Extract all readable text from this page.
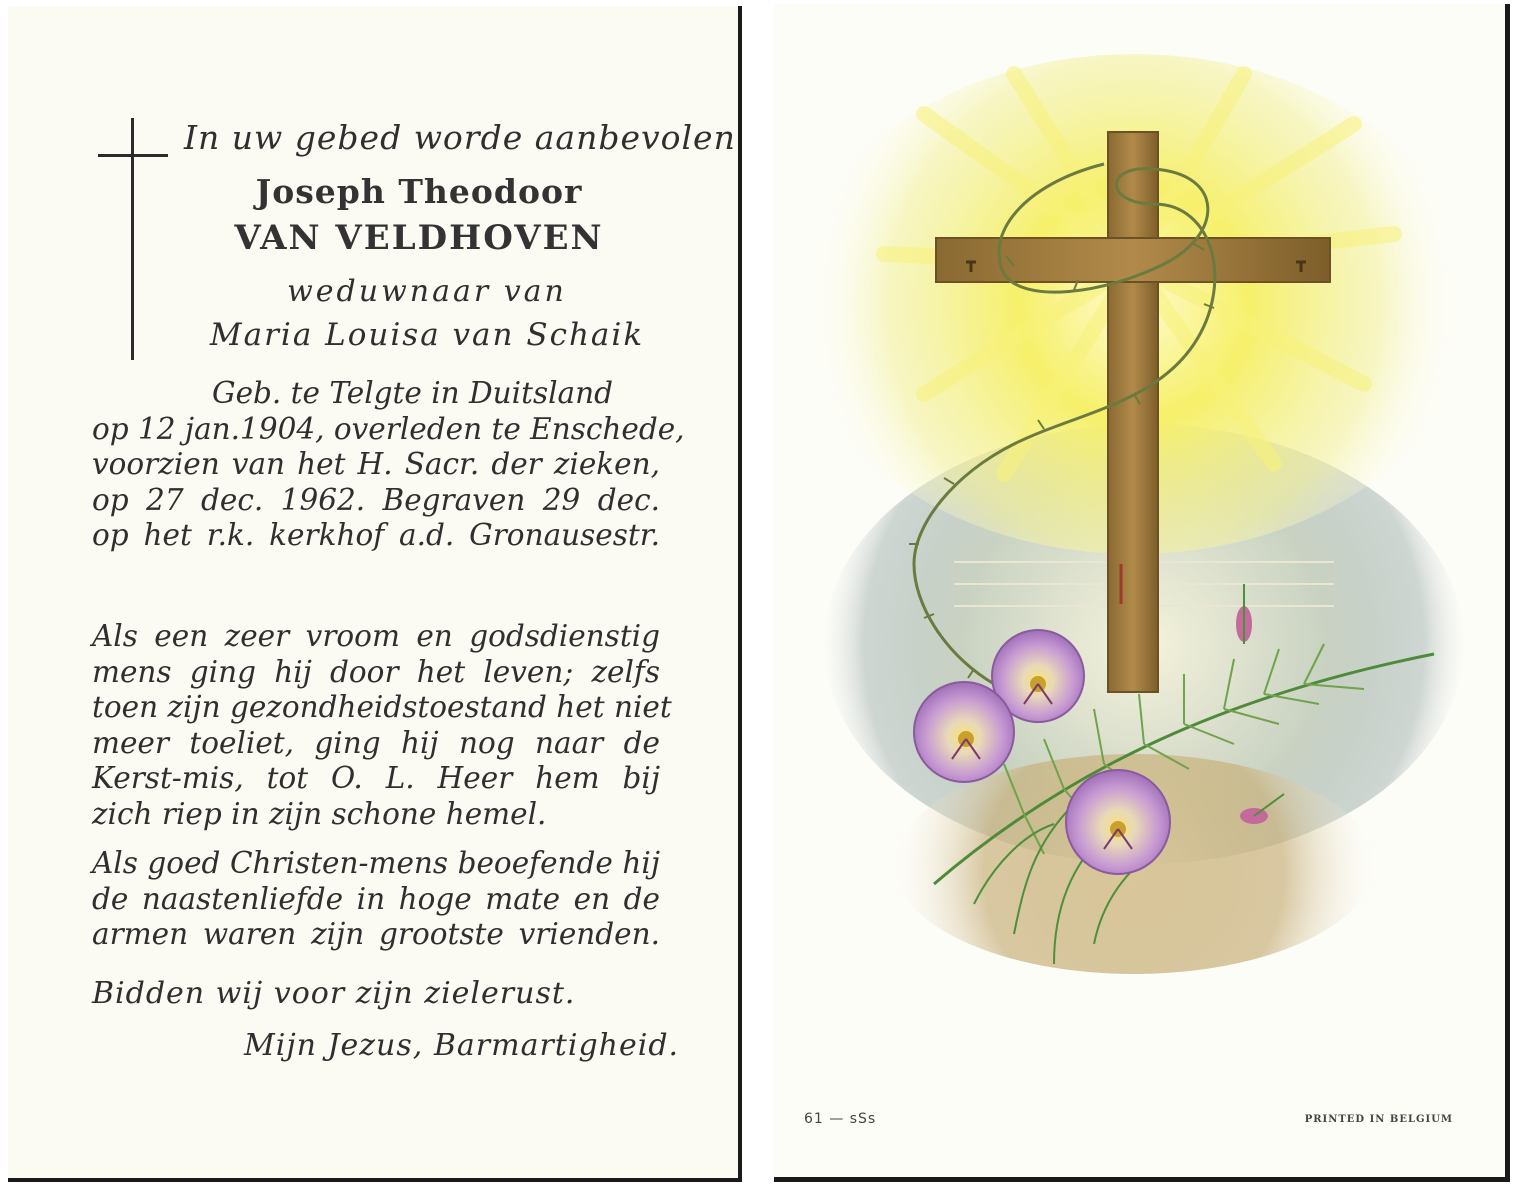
In uw gebed worde aanbevolen
Joseph Theodoor
VAN VELDHOVEN
weduwnaar van
Maria Louisa van Schaik
Geb. te Telgte in Duitsland
op 12 jan.1904, overleden te Enschede,
voorzien van het H. Sacr. der zieken,
op 27 dec. 1962. Begraven 29 dec.
op het r.k. kerkhof a.d. Gronausestr.
Als een zeer vroom en godsdienstig
mens ging hij door het leven; zelfs
toen zijn gezondheidstoestand het niet
meer toeliet, ging hij nog naar de
Kerst-mis, tot O. L. Heer hem bij
zich riep in zijn schone hemel.
Als goed Christen-mens beoefende hij
de naastenliefde in hoge mate en de
armen waren zijn grootste vrienden.
Bidden wij voor zijn zielerust.
Mijn Jezus, Barmartigheid.
61 — sSs	PRINTED IN BELGIUM
